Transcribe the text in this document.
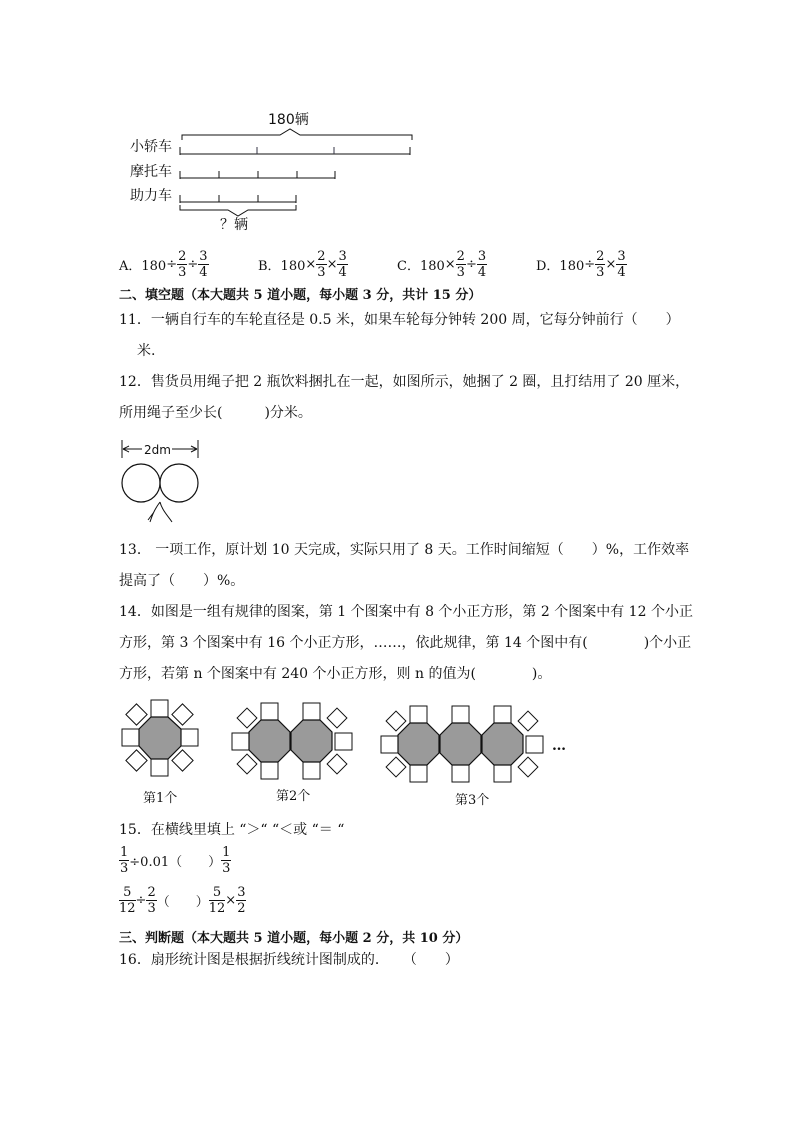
180辆
小轿车
摩托车
助力车
？辆
A．$180\div \frac{2}{3} \div \frac{3}{4}$	B．$180\times \frac{2}{3} \times \frac{3}{4}$	C．$180\times \frac{2}{3} \div \frac{3}{4}$	D．$180\div \frac{2}{3} \times \frac{3}{4}$
二、填空题（本大题共 5 道小题，每小题 3 分，共计 15 分）
11．一辆自行车的车轮直径是 0.5 米，如果车轮每分钟转 200 周，它每分钟前行（　　）
米.
12．售货员用绳子把 2 瓶饮料捆扎在一起，如图所示，她捆了 2 圈，且打结用了 20 厘米，
所用绳子至少长(　　　)分米。
2dm
13． 一项工作，原计划 10 天完成，实际只用了 8 天。工作时间缩短（　　）%，工作效率
提高了（　　）%。
14．如图是一组有规律的图案，第 1 个图案中有 8 个小正方形，第 2 个图案中有 12 个小正
方形，第 3 个图案中有 16 个小正方形，……，依此规律，第 14 个图中有(　　　　)个小正
方形，若第 n 个图案中有 240 个小正方形，则 n 的值为(　　　　)。
第1个	第2个
…
第3个
15．在横线里填上 “＞“ “＜或 “＝ “
$\frac{1}{3} \div 0.01$（　　） $\frac{1}{3}$
$\frac{5}{12} \div \frac{2}{3}$ （　　） $\frac{5}{12} \times \frac{3}{2}$
三、判断题（本大题共 5 道小题，每小题 2 分，共 10 分）
16．扇形统计图是根据折线统计图制成的．　　（　　）
